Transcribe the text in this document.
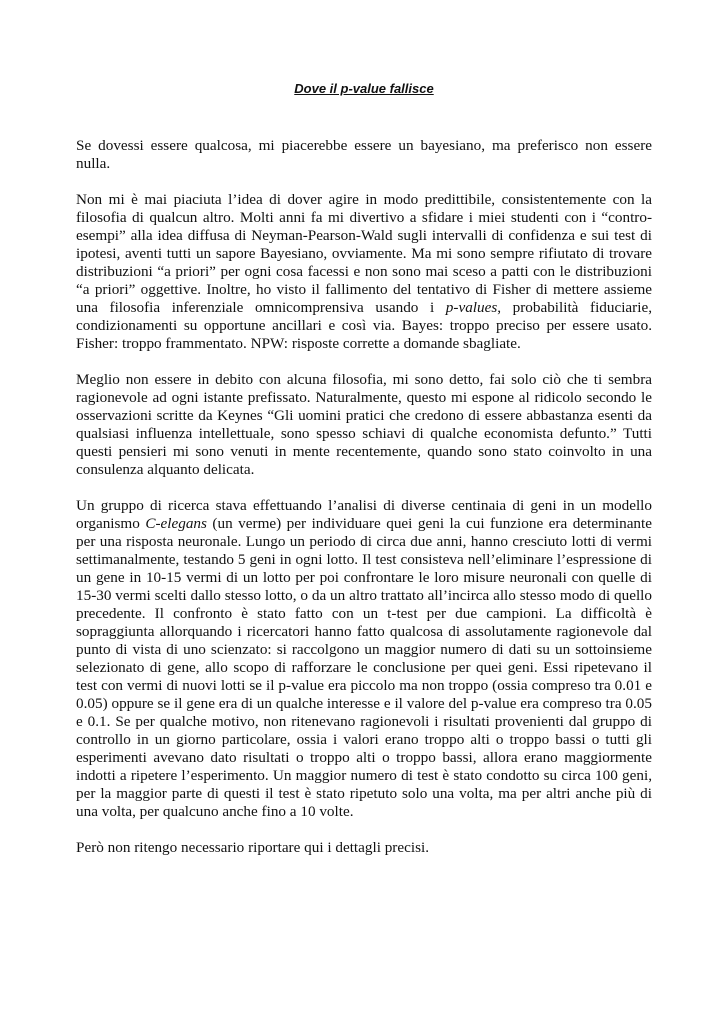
Dove il p-value fallisce

Se dovessi essere qualcosa, mi piacerebbe essere un bayesiano, ma preferisco non essere nulla.

Non mi è mai piaciuta l’idea di dover agire in modo predittibile, consistentemente con la filosofia di qualcun altro. Molti anni fa mi divertivo a sfidare i miei studenti con i “contro-esempi” alla idea diffusa di Neyman-Pearson-Wald sugli intervalli di confidenza e sui test di ipotesi, aventi tutti un sapore Bayesiano, ovviamente. Ma mi sono sempre rifiutato di trovare distribuzioni “a priori” per ogni cosa facessi e non sono mai sceso a patti con le distribuzioni “a priori” oggettive. Inoltre, ho visto il fallimento del tentativo di Fisher di mettere assieme una filosofia inferenziale omnicomprensiva usando i p-values, probabilità fiduciarie, condizionamenti su opportune ancillari e così via. Bayes: troppo preciso per essere usato. Fisher: troppo frammentato. NPW: risposte corrette a domande sbagliate.

Meglio non essere in debito con alcuna filosofia, mi sono detto, fai solo ciò che ti sembra ragionevole ad ogni istante prefissato. Naturalmente, questo mi espone al ridicolo secondo le osservazioni scritte da Keynes “Gli uomini pratici che credono di essere abbastanza esenti da qualsiasi influenza intellettuale, sono spesso schiavi di qualche economista defunto.” Tutti questi pensieri mi sono venuti in mente recentemente, quando sono stato coinvolto in una consulenza alquanto delicata.

Un gruppo di ricerca stava effettuando l’analisi di diverse centinaia di geni in un modello organismo C-elegans (un verme) per individuare quei geni la cui funzione era determinante per una risposta neuronale. Lungo un periodo di circa due anni, hanno cresciuto lotti di vermi settimanalmente, testando 5 geni in ogni lotto. Il test consisteva nell’eliminare l’espressione di un gene in 10-15 vermi di un lotto per poi confrontare le loro misure neuronali con quelle di 15-30 vermi scelti dallo stesso lotto, o da un altro trattato all’incirca allo stesso modo di quello precedente. Il confronto è stato fatto con un t-test per due campioni. La difficoltà è sopraggiunta allorquando i ricercatori hanno fatto qualcosa di assolutamente ragionevole dal punto di vista di uno scienzato: si raccolgono un maggior numero di dati su un sottoinsieme selezionato di gene, allo scopo di rafforzare le conclusione per quei geni. Essi ripetevano il test con vermi di nuovi lotti se il p-value era piccolo ma non troppo (ossia compreso tra 0.01 e 0.05) oppure se il gene era di un qualche interesse e il valore del p-value era compreso tra 0.05 e 0.1. Se per qualche motivo, non ritenevano ragionevoli i risultati provenienti dal gruppo di controllo in un giorno particolare, ossia i valori erano troppo alti o troppo bassi o tutti gli esperimenti avevano dato risultati o troppo alti o troppo bassi, allora erano maggiormente indotti a ripetere l’esperimento. Un maggior numero di test è stato condotto su circa 100 geni, per la maggior parte di questi il test è stato ripetuto solo una volta, ma per altri anche più di una volta, per qualcuno anche fino a 10 volte.

Però non ritengo necessario riportare qui i dettagli precisi.
